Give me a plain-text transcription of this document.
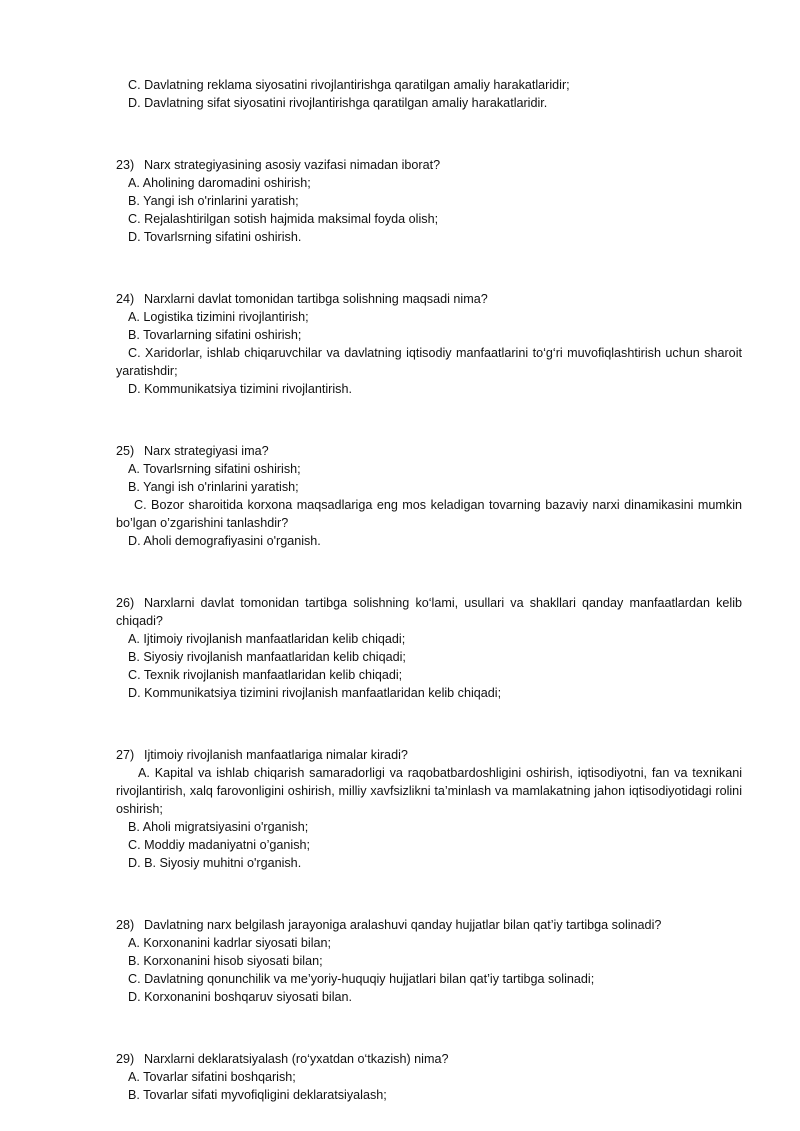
C. Davlatning reklama siyosatini rivojlantirishga qaratilgan amaliy harakatlaridir;

D. Davlatning sifat siyosatini rivojlantirishga qaratilgan amaliy harakatlaridir.

23) Narx strategiyasining asosiy vazifasi nimadan iborat?

A. Aholining daromadini oshirish;

B. Yangi ish o'rinlarini yaratish;

C. Rejalashtirilgan sotish hajmida maksimal foyda olish;

D. Tovarlsrning sifatini oshirish.

24) Narxlarni davlat tomonidan tartibga solishning maqsadi nima?

A. Logistika tizimini rivojlantirish;

B. Tovarlarning sifatini oshirish;

C. Xaridorlar, ishlab chiqaruvchilar va davlatning iqtisodiy manfaatlarini to‘g‘ri muvofiqlashtirish uchun sharoit yaratishdir;

D. Kommunikatsiya tizimini rivojlantirish.

25) Narx strategiyasi ima?

A. Tovarlsrning sifatini oshirish;

B. Yangi ish o'rinlarini yaratish;

C. Bozor sharoitida korxona maqsadlariga eng mos keladigan tovarning bazaviy narxi dinamikasini mumkin bo’lgan o’zgarishini tanlashdir?

D. Aholi demografiyasini o'rganish.

26) Narxlarni davlat tomonidan tartibga solishning ko‘lami, usullari va shakllari qanday manfaatlardan kelib chiqadi?

A. Ijtimoiy rivojlanish manfaatlaridan kelib chiqadi;

B. Siyosiy rivojlanish manfaatlaridan kelib chiqadi;

C. Texnik rivojlanish manfaatlaridan kelib chiqadi;

D. Kommunikatsiya tizimini rivojlanish manfaatlaridan kelib chiqadi;

27) Ijtimoiy rivojlanish manfaatlariga nimalar kiradi?

A. Kapital va ishlab chiqarish samaradorligi va raqobatbardoshligini oshirish, iqtisodiyotni, fan va texnikani rivojlantirish, xalq farovonligini oshirish, milliy xavfsizlikni ta’minlash va mamlakatning jahon iqtisodiyotidagi rolini oshirish;

B. Aholi migratsiyasini o'rganish;

C. Moddiy madaniyatni o’ganish;

D. B. Siyosiy muhitni o'rganish.

28) Davlatning narx belgilash jarayoniga aralashuvi qanday hujjatlar bilan qat’iy tartibga solinadi?

A. Korxonanini kadrlar siyosati bilan;

B. Korxonanini hisob siyosati bilan;

C. Davlatning qonunchilik va me’yoriy-huquqiy hujjatlari bilan qat’iy tartibga solinadi;

D. Korxonanini boshqaruv siyosati bilan.

29) Narxlarni deklaratsiyalash (ro‘yxatdan o‘tkazish) nima?

A. Tovarlar sifatini boshqarish;

B. Tovarlar sifati myvofiqligini deklaratsiyalash;
